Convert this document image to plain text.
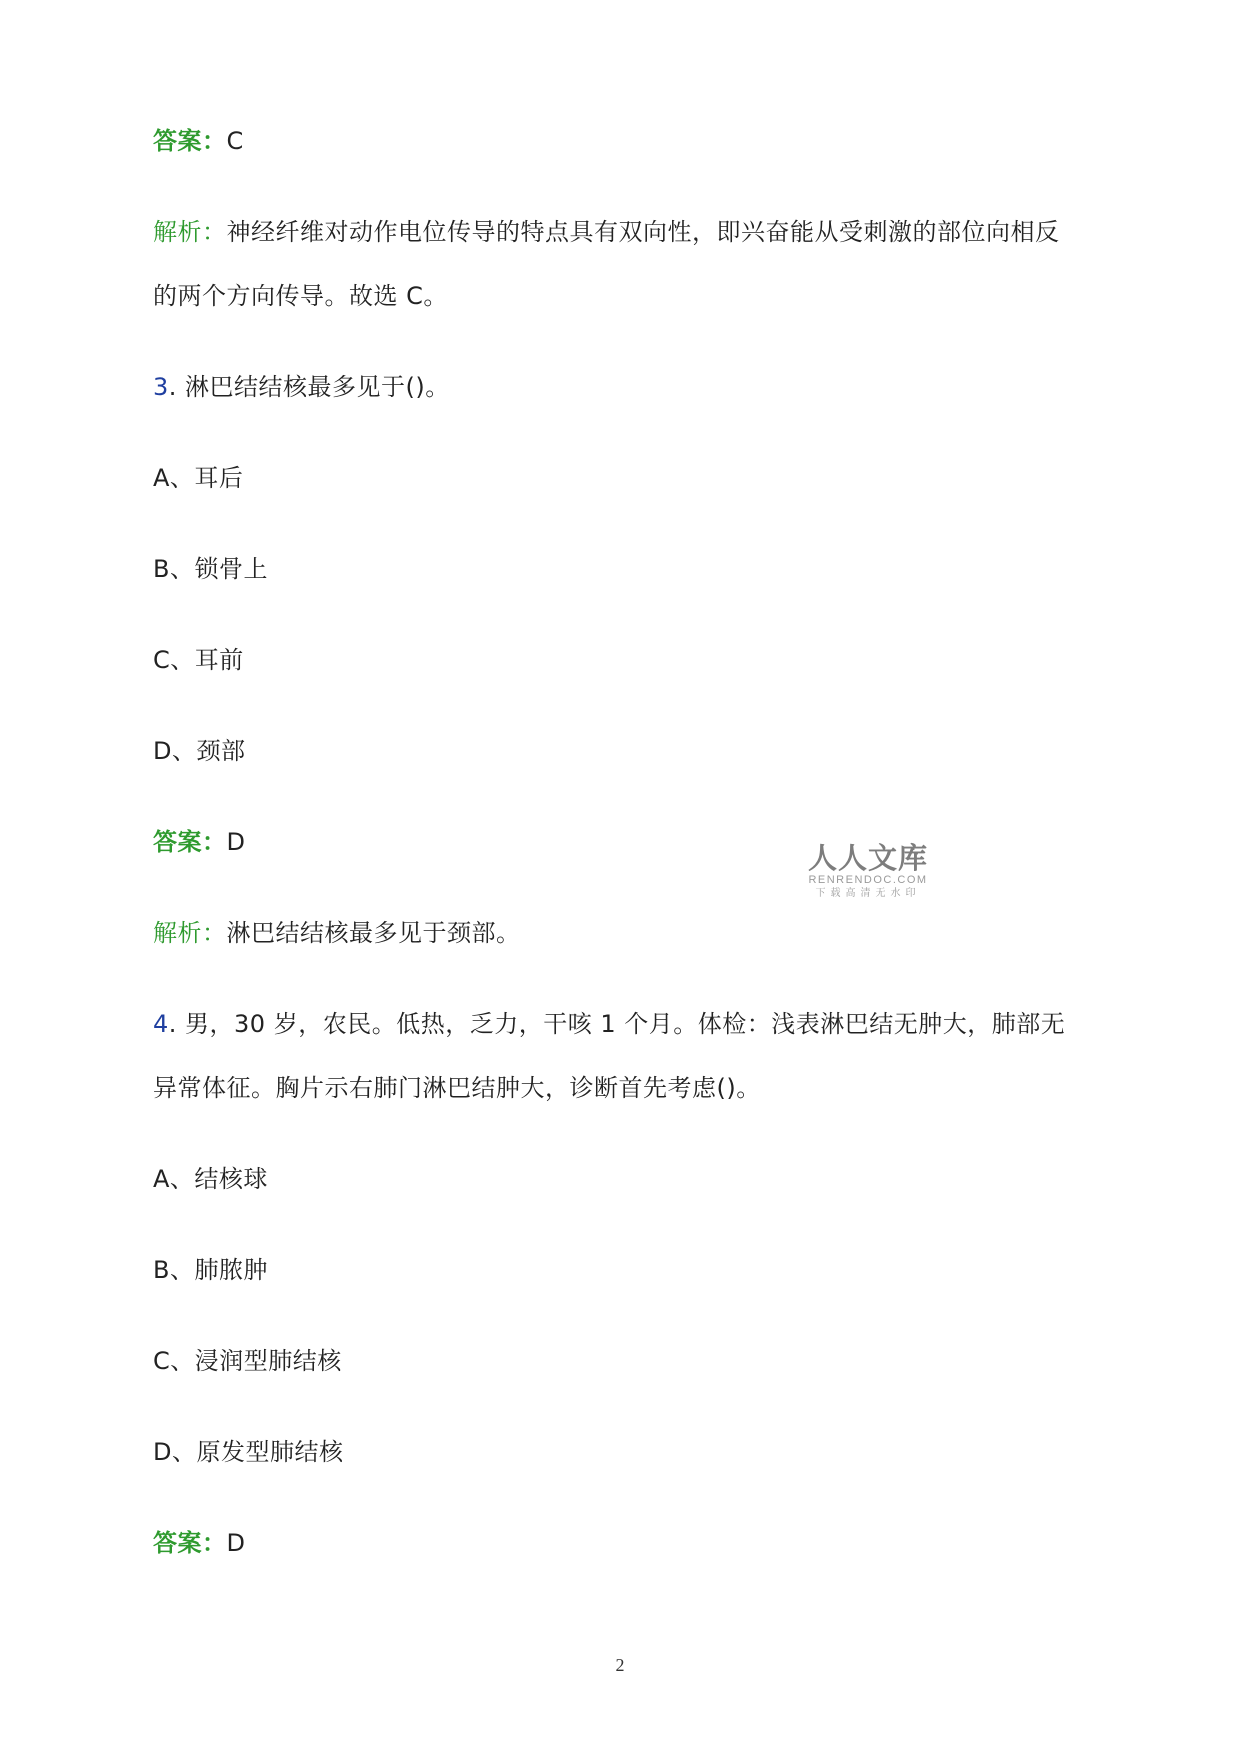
答案：C
解析：神经纤维对动作电位传导的特点具有双向性，即兴奋能从受刺激的部位向相反
的两个方向传导。故选 C。
3. 淋巴结结核最多见于()。
A、耳后
B、锁骨上
C、耳前
D、颈部
答案：D
解析：淋巴结结核最多见于颈部。
4. 男，30 岁，农民。低热，乏力，干咳 1 个月。体检：浅表淋巴结无肿大，肺部无
异常体征。胸片示右肺门淋巴结肿大，诊断首先考虑()。
A、结核球
B、肺脓肿
C、浸润型肺结核
D、原发型肺结核
答案：D
人人文库
RENRENDOC.COM
下载高清无水印
2
